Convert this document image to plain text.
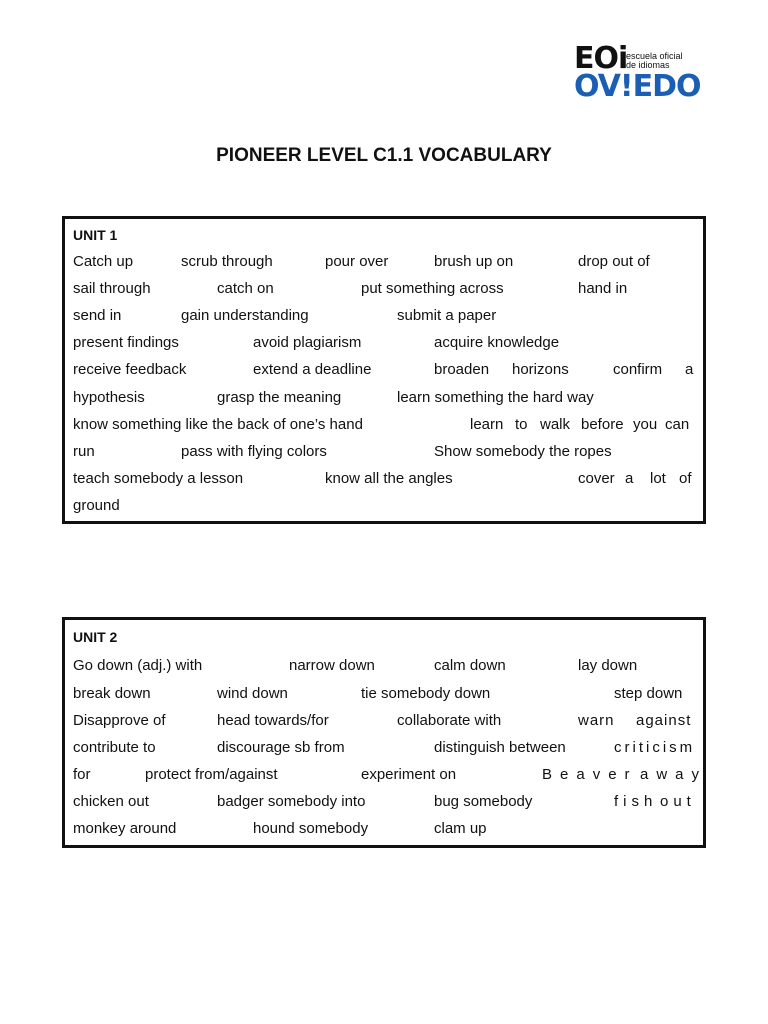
EOi
escuela oficial
de idiomas
OV!EDO
PIONEER LEVEL C1.1 VOCABULARY
UNIT 1
Catch up	scrub through	pour over	brush up on	drop out of
sail through	catch on	put something across	hand in
send in	gain understanding	submit a paper
present findings	avoid plagiarism	acquire knowledge
receive feedback	extend a deadline	broaden horizons	confirm a
hypothesis	grasp the meaning	learn something the hard way
know something like the back of one’s hand	learn to walk before you can
run	pass with flying colors	Show somebody the ropes
teach somebody a lesson	know all the angles	cover a lot of
ground
UNIT 2
Go down (adj.) with	narrow down	calm down	lay down
break down	wind down	tie somebody down	step down
Disapprove of	head towards/for	collaborate with	warn against
contribute to	discourage sb from	distinguish between	criticism
for	protect from/against	experiment on	Beaver away
chicken out	badger somebody into	bug somebody	fish out
monkey around	hound somebody	clam up
